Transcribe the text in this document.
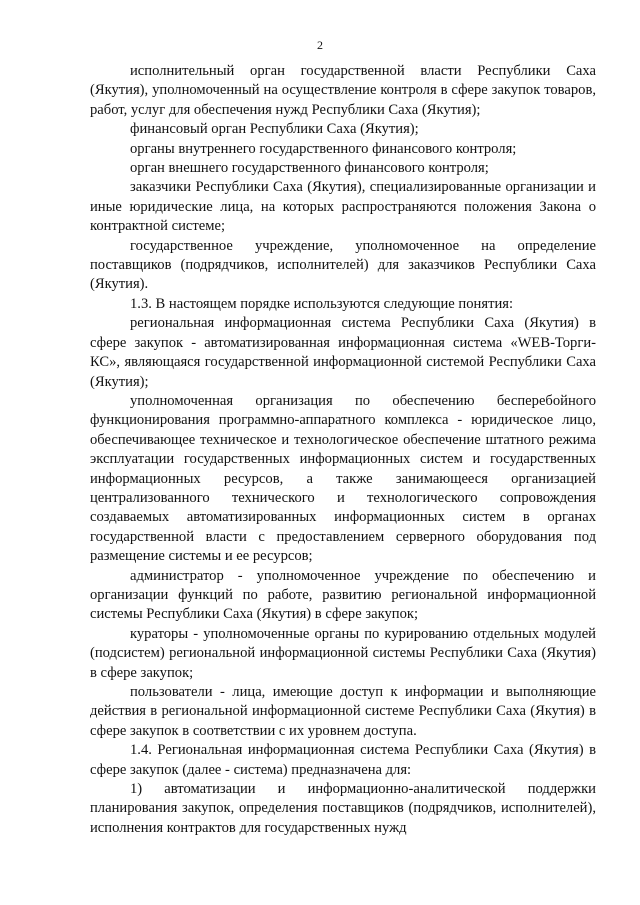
2

исполнительный орган государственной власти Республики Саха (Якутия), уполномоченный на осуществление контроля в сфере закупок товаров, работ, услуг для обеспечения нужд Республики Саха (Якутия);

финансовый орган Республики Саха (Якутия);

органы внутреннего государственного финансового контроля;

орган внешнего государственного финансового контроля;

заказчики Республики Саха (Якутия), специализированные организации и иные юридические лица, на которых распространяются положения Закона о контрактной системе;

государственное учреждение, уполномоченное на определение поставщиков (подрядчиков, исполнителей) для заказчиков Республики Саха (Якутия).

1.3. В настоящем порядке используются следующие понятия:

региональная информационная система Республики Саха (Якутия) в сфере закупок - автоматизированная информационная система «WEB-Торги-КС», являющаяся государственной информационной системой Республики Саха (Якутия);

уполномоченная организация по обеспечению бесперебойного функционирования программно-аппаратного комплекса - юридическое лицо, обеспечивающее техническое и технологическое обеспечение штатного режима эксплуатации государственных информационных систем и государственных информационных ресурсов, а также занимающееся организацией централизованного технического и технологического сопровождения создаваемых автоматизированных информационных систем в органах государственной власти с предоставлением серверного оборудования под размещение системы и ее ресурсов;

администратор - уполномоченное учреждение по обеспечению и организации функций по работе, развитию региональной информационной системы Республики Саха (Якутия) в сфере закупок;

кураторы - уполномоченные органы по курированию отдельных модулей (подсистем) региональной информационной системы Республики Саха (Якутия) в сфере закупок;

пользователи - лица, имеющие доступ к информации и выполняющие действия в региональной информационной системе Республики Саха (Якутия) в сфере закупок в соответствии с их уровнем доступа.

1.4. Региональная информационная система Республики Саха (Якутия) в сфере закупок (далее - система) предназначена для:

1) автоматизации и информационно-аналитической поддержки планирования закупок, определения поставщиков (подрядчиков, исполнителей), исполнения контрактов для государственных нужд
